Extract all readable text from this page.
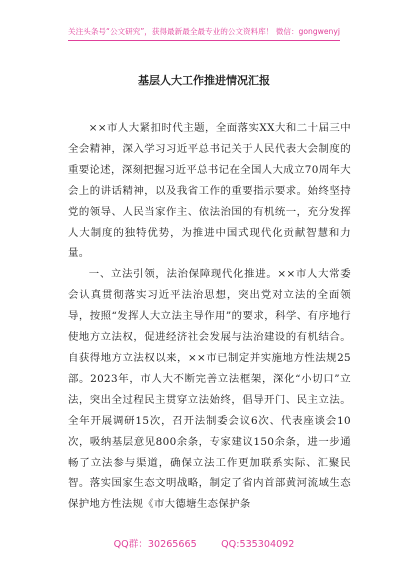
关注头条号“公文研究”，获得最新最全最专业的公文资料库！ 微信：gongwenyj
基层人大工作推进情况汇报

××市人大紧扣时代主题，全面落实XX大和二十届三中全会精神，深入学习习近平总书记关于人民代表大会制度的重要论述，深刻把握习近平总书记在全国人大成立70周年大会上的讲话精神，以及我省工作的重要指示要求。始终坚持党的领导、人民当家作主、依法治国的有机统一，充分发挥人大制度的独特优势，为推进中国式现代化贡献智慧和力量。

一、立法引领，法治保障现代化推进。××市人大常委会认真贯彻落实习近平法治思想，突出党对立法的全面领导，按照“发挥人大立法主导作用”的要求，科学、有序地行使地方立法权，促进经济社会发展与法治建设的有机结合。自获得地方立法权以来，××市已制定并实施地方性法规25部。2023年，市人大不断完善立法框架，深化“小切口”立法，突出全过程民主贯穿立法始终，倡导开门、民主立法。全年开展调研15次，召开法制委会议6次、代表座谈会10次，吸纳基层意见800余条，专家建议150余条，进一步通畅了立法参与渠道，确保立法工作更加联系实际、汇聚民智。落实国家生态文明战略，制定了省内首部黄河流域生态保护地方性法规《市大德塘生态保护条

QQ群：30265665	QQ:535304092
